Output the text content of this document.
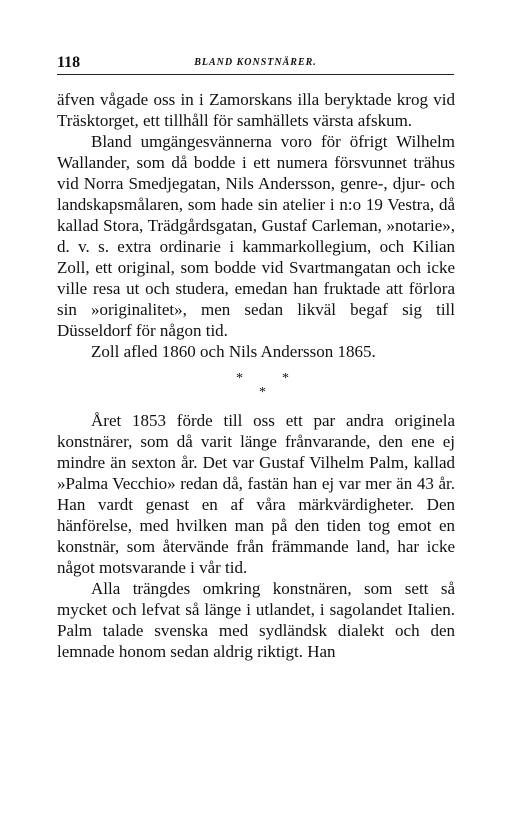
118	BLAND KONSTNÄRER.

äfven vågade oss in i Zamorskans illa beryktade krog vid Träsktorget, ett tillhåll för samhällets värsta afskum.

Bland umgängesvännerna voro för öfrigt Wilhelm Wallander, som då bodde i ett numera försvunnet trähus vid Norra Smedjegatan, Nils Andersson, genre-, djur- och landskapsmålaren, som hade sin atelier i n:o 19 Vestra, då kallad Stora, Trädgårdsgatan, Gustaf Carleman, »notarie», d. v. s. extra ordinarie i kammarkollegium, och Kilian Zoll, ett original, som bodde vid Svartmangatan och icke ville resa ut och studera, emedan han fruktade att förlora sin »originalitet», men sedan likväl begaf sig till Düsseldorf för någon tid.

Zoll afled 1860 och Nils Andersson 1865.

*	*
*

Året 1853 förde till oss ett par andra originela konstnärer, som då varit länge frånvarande, den ene ej mindre än sexton år. Det var Gustaf Vilhelm Palm, kallad »Palma Vecchio» redan då, fastän han ej var mer än 43 år. Han vardt genast en af våra märkvärdigheter. Den hänförelse, med hvilken man på den tiden tog emot en konstnär, som återvände från främmande land, har icke något motsvarande i vår tid.

Alla trängdes omkring konstnären, som sett så mycket och lefvat så länge i utlandet, i sagolandet Italien. Palm talade svenska med sydländsk dialekt och den lemnade honom sedan aldrig riktigt. Han
